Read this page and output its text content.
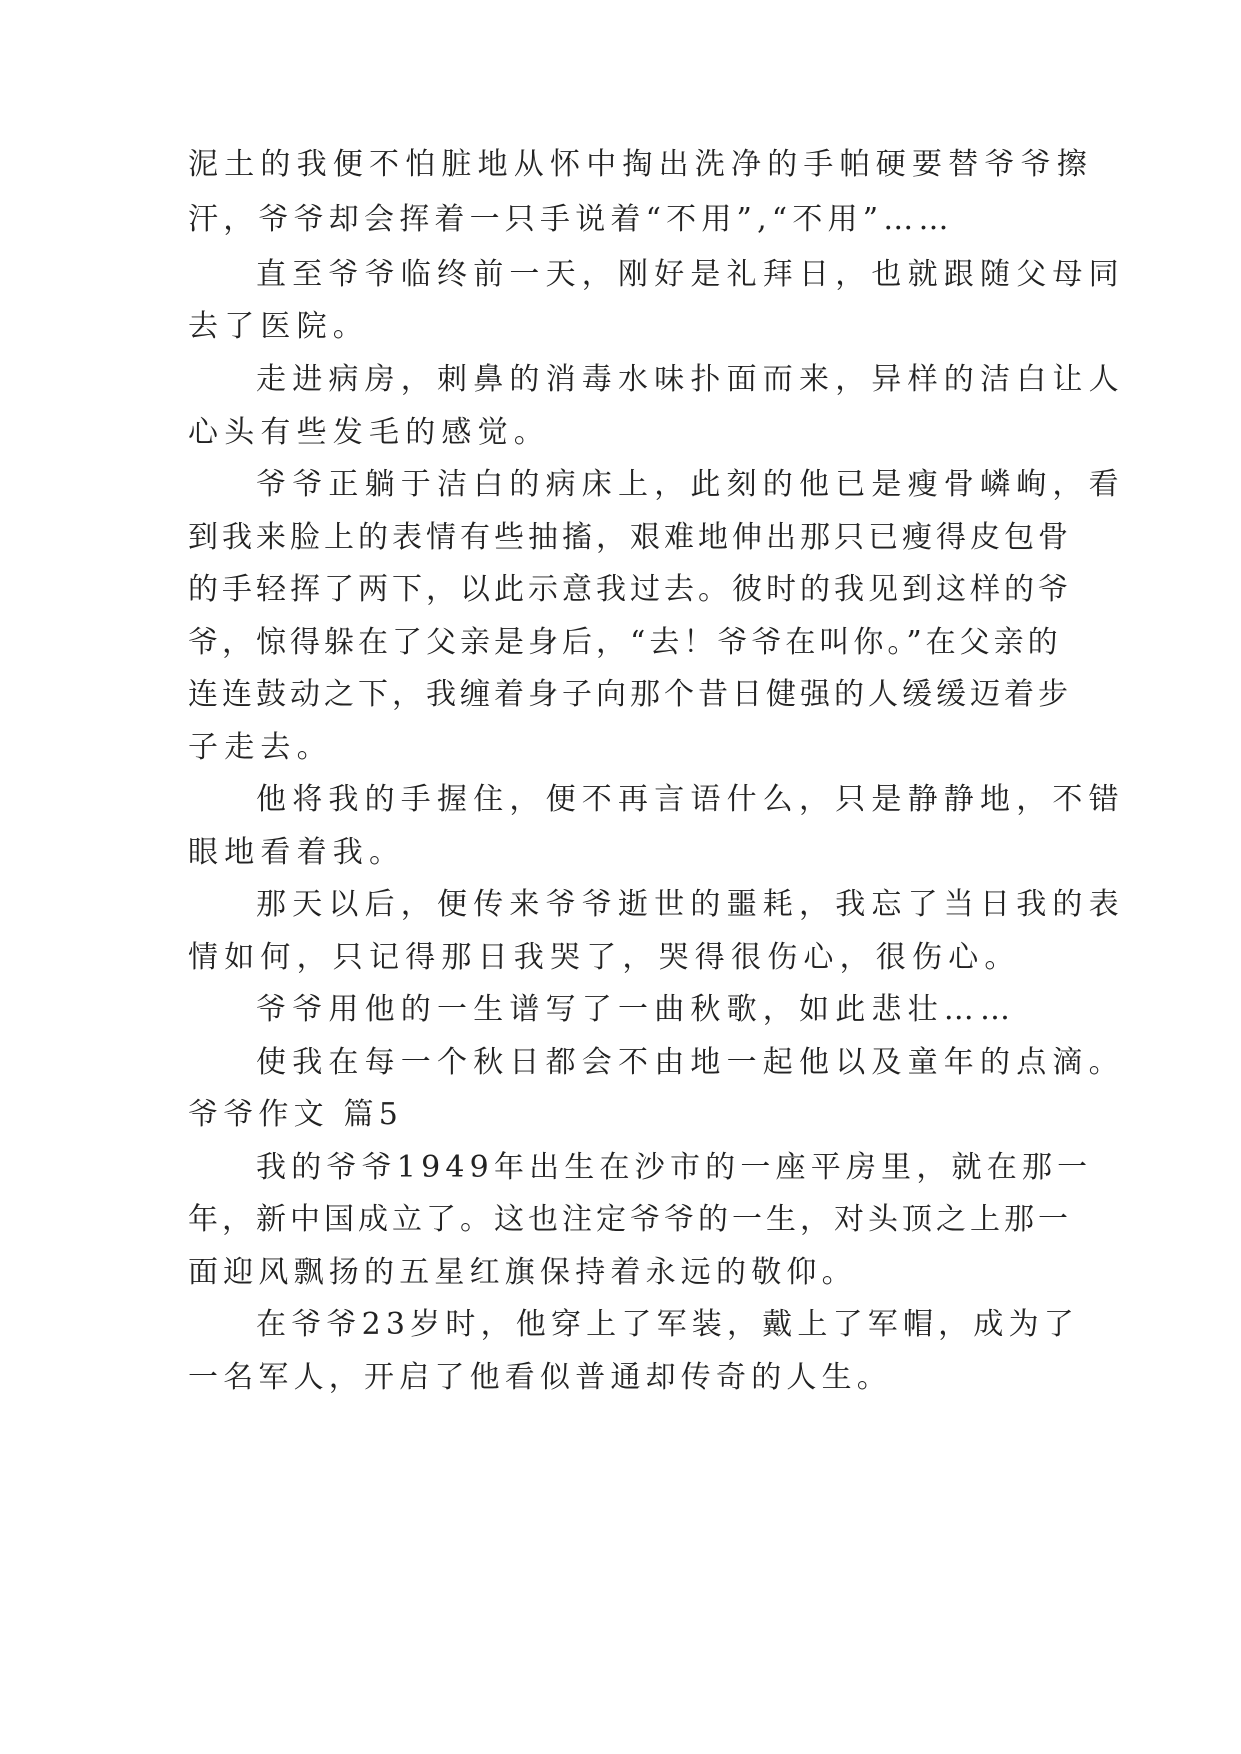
泥土的我便不怕脏地从怀中掏出洗净的手帕硬要替爷爷擦
汗，爷爷却会挥着一只手说着“不用”,“不用”……
直至爷爷临终前一天，刚好是礼拜日，也就跟随父母同
去了医院。
走进病房，刺鼻的消毒水味扑面而来，异样的洁白让人
心头有些发毛的感觉。
爷爷正躺于洁白的病床上，此刻的他已是瘦骨嶙峋，看
到我来脸上的表情有些抽搐，艰难地伸出那只已瘦得皮包骨
的手轻挥了两下，以此示意我过去。彼时的我见到这样的爷
爷，惊得躲在了父亲是身后，“去！爷爷在叫你。”在父亲的
连连鼓动之下，我缠着身子向那个昔日健强的人缓缓迈着步
子走去。
他将我的手握住，便不再言语什么，只是静静地，不错
眼地看着我。
那天以后，便传来爷爷逝世的噩耗，我忘了当日我的表
情如何，只记得那日我哭了，哭得很伤心，很伤心。
爷爷用他的一生谱写了一曲秋歌，如此悲壮……
使我在每一个秋日都会不由地一起他以及童年的点滴。
爷爷作文 篇5
我的爷爷1949年出生在沙市的一座平房里，就在那一
年，新中国成立了。这也注定爷爷的一生，对头顶之上那一
面迎风飘扬的五星红旗保持着永远的敬仰。
在爷爷23岁时，他穿上了军装，戴上了军帽，成为了
一名军人，开启了他看似普通却传奇的人生。
